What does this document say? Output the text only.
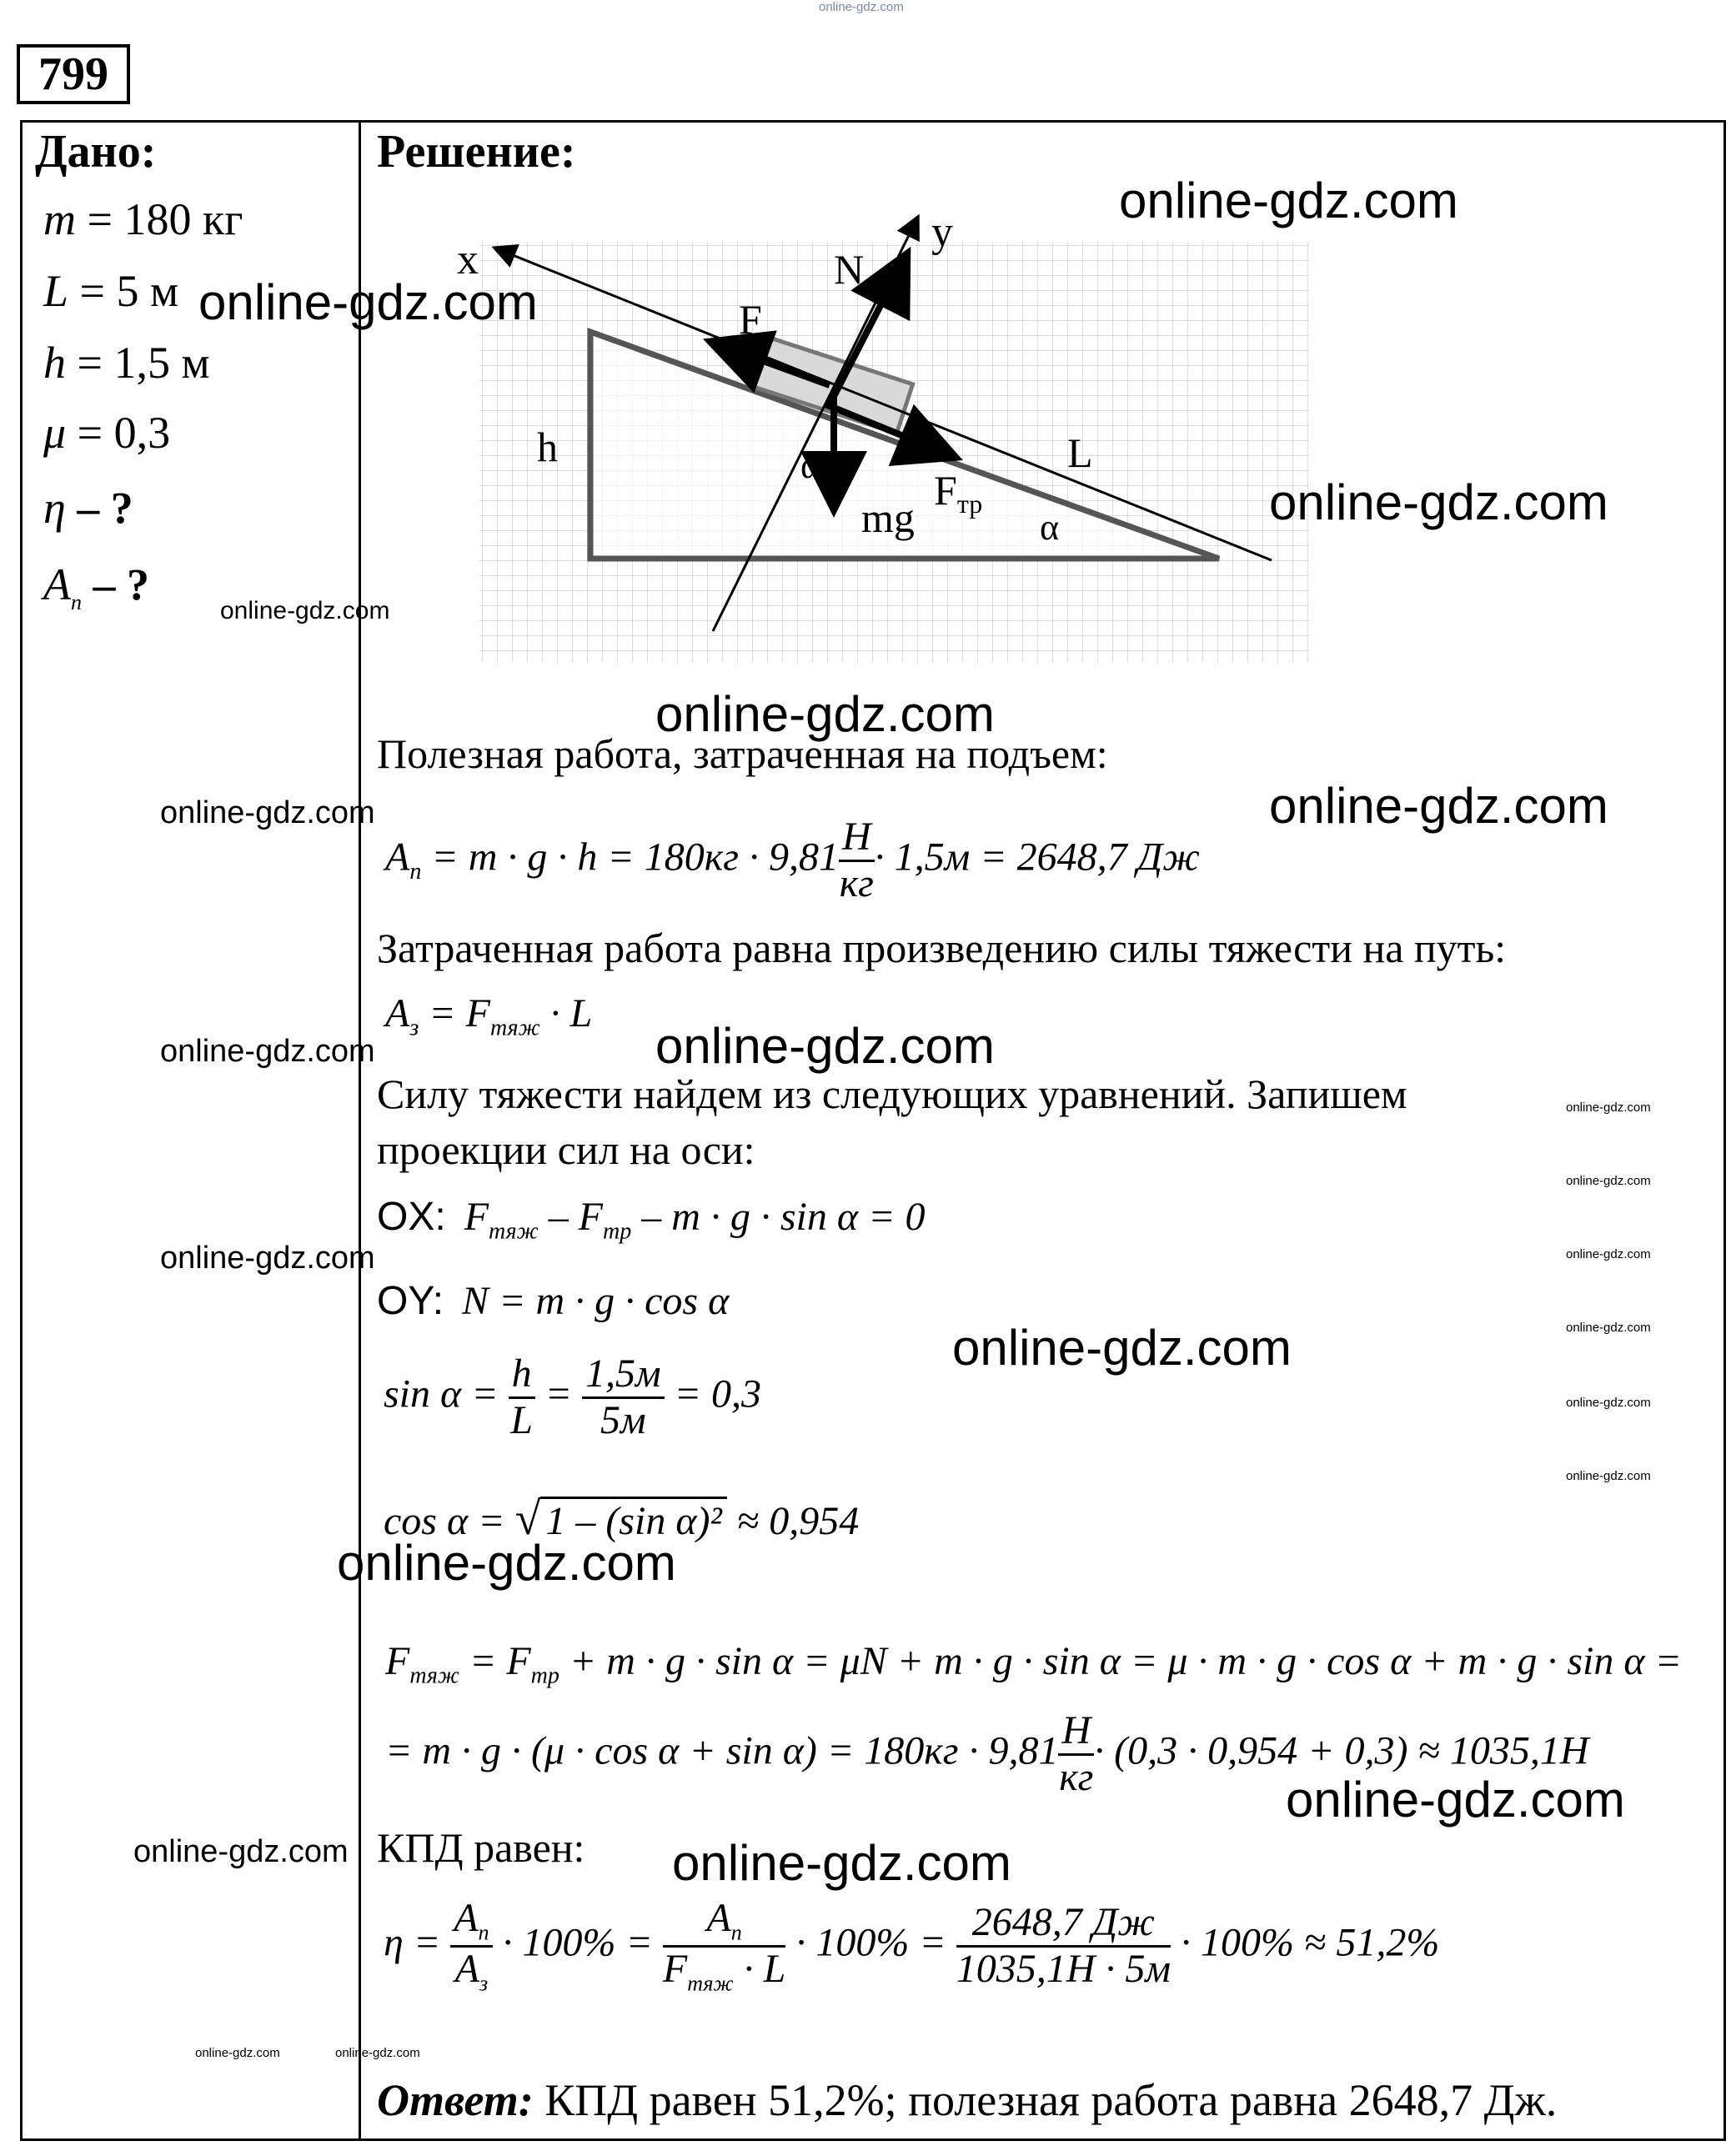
online-gdz.com
799
Дано:
m = 180 кг
L = 5 м
h = 1,5 м
μ = 0,3
η – ?
$A_п$ – ?
Решение:
x
y
N
F
h	L
α
α
mg
$F_{тр}$
Полезная работа, затраченная на подъем:
$A_п = m \cdot g \cdot h = 180кг \cdot 9,81 \frac{Н}{кг} \cdot 1,5м = 2648,7$ Дж
Затраченная работа равна произведению силы тяжести на путь:
$A_з = F_{тяж} \cdot L$
Силу тяжести найдем из следующих уравнений. Запишем
проекции сил на оси:
OX: $F_{тяж} - F_{тр} - m \cdot g \cdot \sin \alpha = 0$
OY: N = m · g · cos α
$\sin \alpha = \frac{h}{L} = \frac{1,5м}{5м} = 0,3$
cos α = √ 1 – (sin α)² ≈ 0,954
$F_{тяж} = F_{тр} + m \cdot g \cdot \sin \alpha = \mu N + m \cdot g \cdot \sin \alpha = \mu \cdot m \cdot g \cdot \cos \alpha + m \cdot g \cdot \sin \alpha$ =
= $m \cdot g \cdot (\mu \cdot \cos \alpha + \sin \alpha) = 180кг \cdot 9,81 \frac{Н}{кг} \cdot (0,3 \cdot 0,954 + 0,3) \approx 1035,1Н$
КПД равен:
$\eta = \frac{A_п}{A_з} \cdot 100\% = \frac{A_п}{F_{тяж} \cdot L} \cdot 100\% = \frac{2648,7 Дж}{1035,1Н \cdot 5м} \cdot 100\% \approx 51,2\%$
Ответ: КПД равен 51,2%; полезная работа равна 2648,7 Дж.
online-gdz.com
online-gdz.com
online-gdz.com
online-gdz.com
online-gdz.com
online-gdz.com
online-gdz.com
online-gdz.com
online-gdz.com
online-gdz.com
online-gdz.com
online-gdz.com	online-gdz.com
online-gdz.com
online-gdz.com
online-gdz.com
online-gdz.com
online-gdz.com
online-gdz.com
online-gdz.com	online-gdz.com
online-gdz.com	online-gdz.com
